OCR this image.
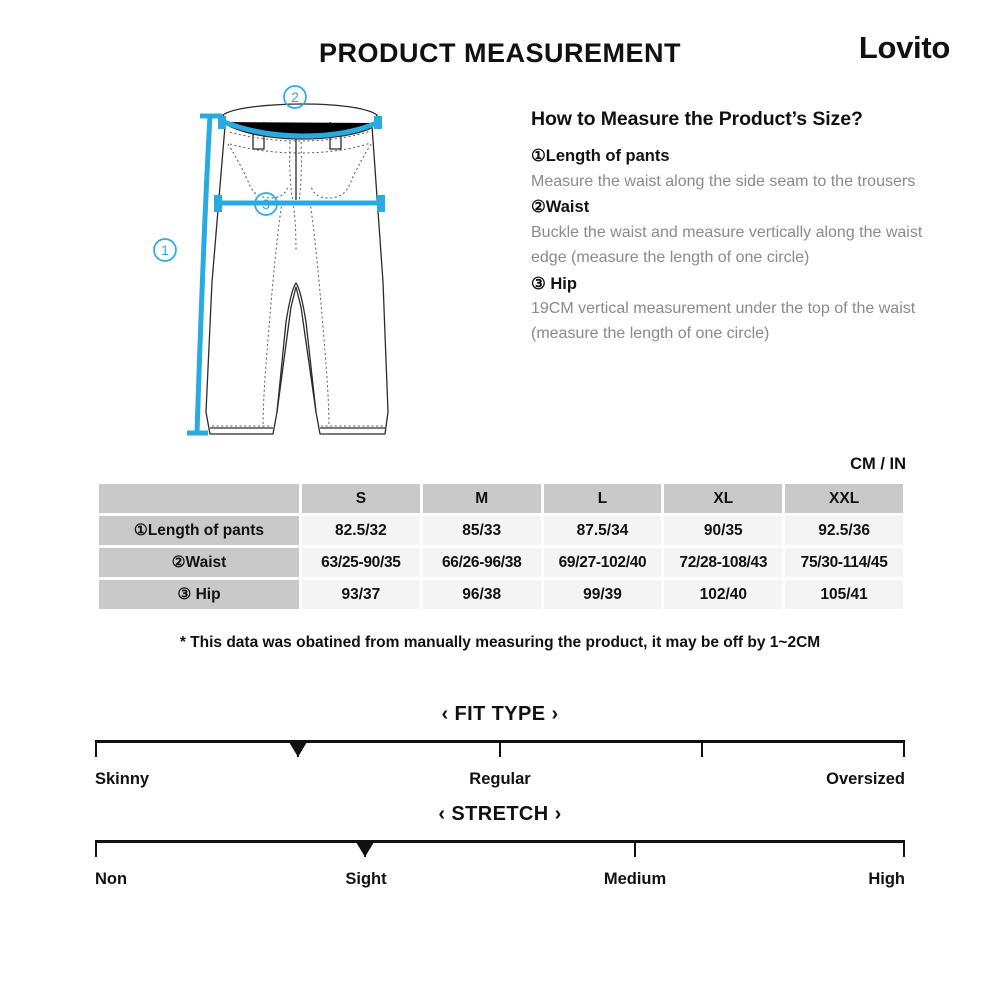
PRODUCT MEASUREMENT	Lovito
2
3
1
How to Measure the Product’s Size?
①Length of pants
Measure the waist along the side seam to the trousers
②Waist
Buckle the waist and measure vertically along the waist edge (measure the length of one circle)
③ Hip
19CM vertical measurement under the top of the waist (measure the length of one circle)
CM / IN
	S	M	L	XL	XXL
①Length of pants	82.5/32	85/33	87.5/34	90/35	92.5/36
②Waist	63/25-90/35	66/26-96/38	69/27-102/40	72/28-108/43	75/30-114/45
③ Hip	93/37	96/38	99/39	102/40	105/41
* This data was obatined from manually measuring the product, it may be off by 1~2CM
‹ FIT TYPE ›
Skinny	Regular	Oversized
‹ STRETCH ›
Non	Sight	Medium	High
